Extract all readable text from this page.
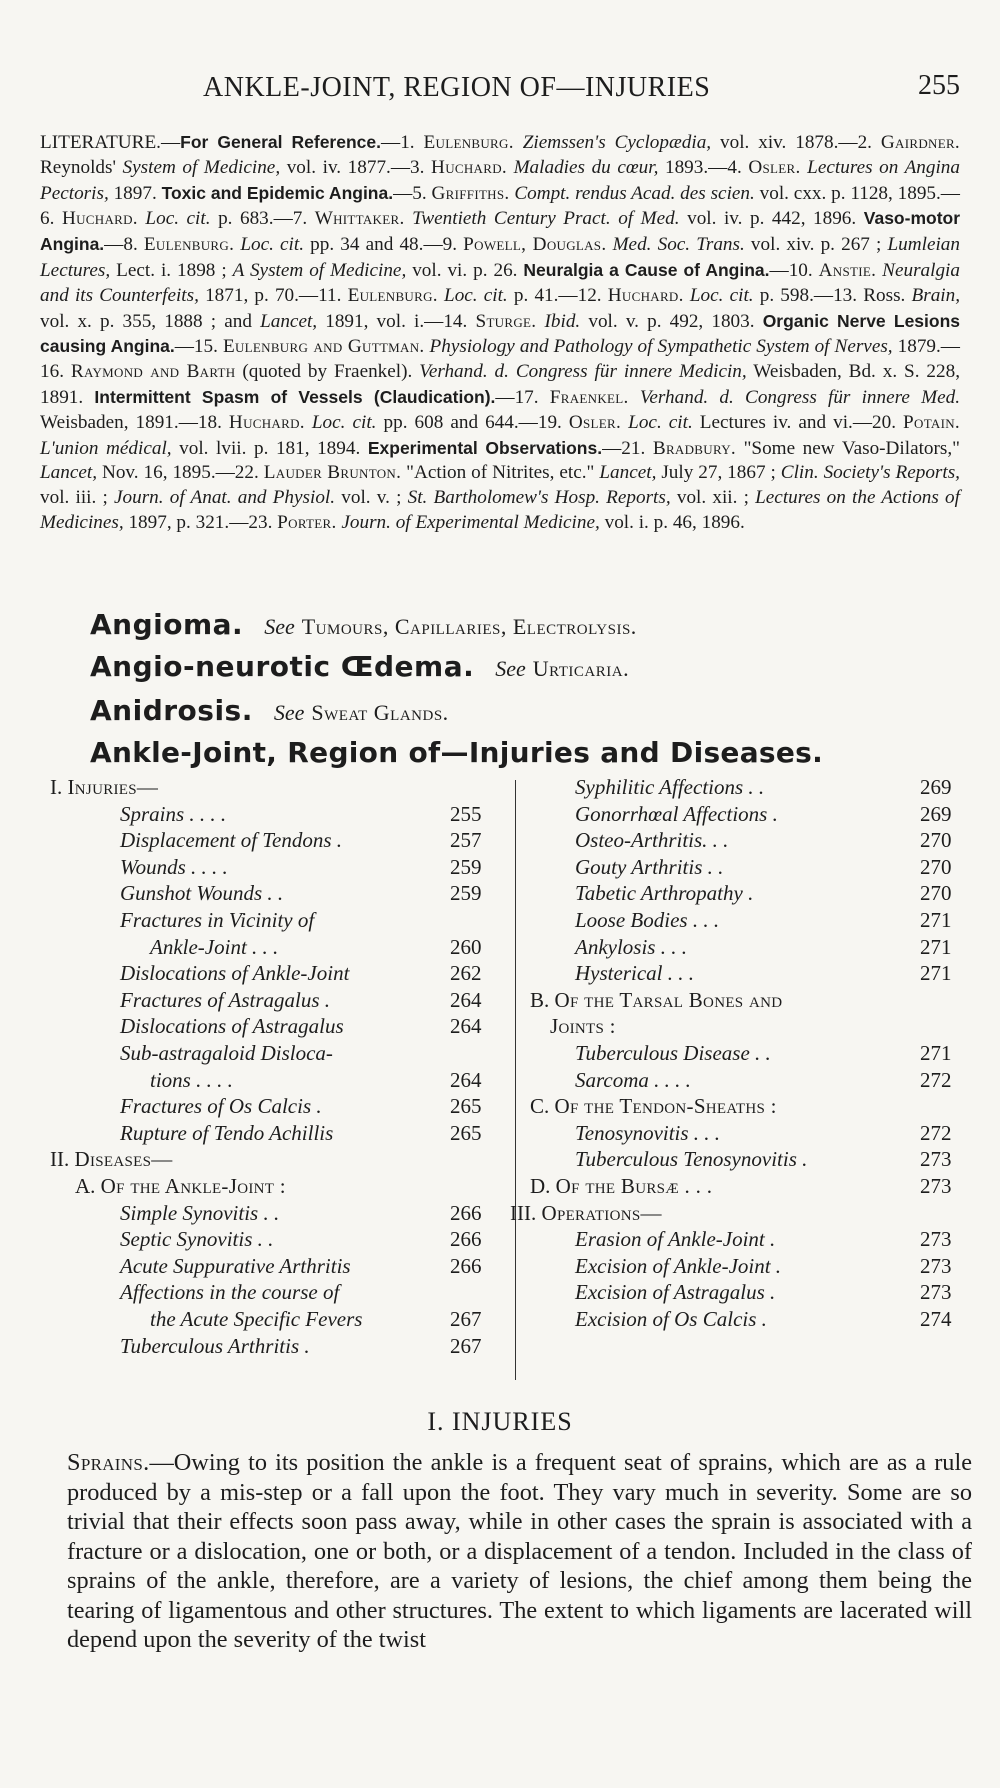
ANKLE-JOINT, REGION OF—INJURIES	255
LITERATURE.—For General Reference.—1. Eulenburg. Ziemssen's Cyclopædia, vol. xiv. 1878.—2. Gairdner. Reynolds' System of Medicine, vol. iv. 1877.—3. Huchard. Maladies du cœur, 1893.—4. Osler. Lectures on Angina Pectoris, 1897. Toxic and Epidemic Angina.—5. Griffiths. Compt. rendus Acad. des scien. vol. cxx. p. 1128, 1895.—6. Huchard. Loc. cit. p. 683.—7. Whittaker. Twentieth Century Pract. of Med. vol. iv. p. 442, 1896. Vaso-motor Angina.—8. Eulenburg. Loc. cit. pp. 34 and 48.—9. Powell, Douglas. Med. Soc. Trans. vol. xiv. p. 267 ; Lumleian Lectures, Lect. i. 1898 ; A System of Medicine, vol. vi. p. 26. Neuralgia a Cause of Angina.—10. Anstie. Neuralgia and its Counterfeits, 1871, p. 70.—11. Eulenburg. Loc. cit. p. 41.—12. Huchard. Loc. cit. p. 598.—13. Ross. Brain, vol. x. p. 355, 1888 ; and Lancet, 1891, vol. i.—14. Sturge. Ibid. vol. v. p. 492, 1803. Organic Nerve Lesions causing Angina.—15. Eulenburg and Guttman. Physiology and Pathology of Sympathetic System of Nerves, 1879.—16. Raymond and Barth (quoted by Fraenkel). Verhand. d. Congress für innere Medicin, Weisbaden, Bd. x. S. 228, 1891. Intermittent Spasm of Vessels (Claudication).—17. Fraenkel. Verhand. d. Congress für innere Med. Weisbaden, 1891.—18. Huchard. Loc. cit. pp. 608 and 644.—19. Osler. Loc. cit. Lectures iv. and vi.—20. Potain. L'union médical, vol. lvii. p. 181, 1894. Experimental Observations.—21. Bradbury. "Some new Vaso-Dilators," Lancet, Nov. 16, 1895.—22. Lauder Brunton. "Action of Nitrites, etc." Lancet, July 27, 1867 ; Clin. Society's Reports, vol. iii. ; Journ. of Anat. and Physiol. vol. v. ; St. Bartholomew's Hosp. Reports, vol. xii. ; Lectures on the Actions of Medicines, 1897, p. 321.—23. Porter. Journ. of Experimental Medicine, vol. i. p. 46, 1896.
Angioma. See Tumours, Capillaries, Electrolysis.
Angio-neurotic Œdema. See Urticaria.
Anidrosis. See Sweat Glands.
Ankle-Joint, Region of—Injuries and Diseases.
I. Injuries—
Sprains . . . .	255
Displacement of Tendons .	257
Wounds . . . .	259
Gunshot Wounds . .	259
Fractures in Vicinity of
Ankle-Joint . . .	260
Dislocations of Ankle-Joint	262
Fractures of Astragalus .	264
Dislocations of Astragalus	264
Sub-astragaloid Disloca-
tions . . . .	264
Fractures of Os Calcis .	265
Rupture of Tendo Achillis	265
II. Diseases—
A. Of the Ankle-Joint :
Simple Synovitis . .	266
Septic Synovitis . .	266
Acute Suppurative Arthritis	266
Affections in the course of
the Acute Specific Fevers	267
Tuberculous Arthritis .	267
Syphilitic Affections . .	269
Gonorrhœal Affections .	269
Osteo-Arthritis. . .	270
Gouty Arthritis . .	270
Tabetic Arthropathy .	270
Loose Bodies . . .	271
Ankylosis . . .	271
Hysterical . . .	271
B. Of the Tarsal Bones and
Joints :
Tuberculous Disease . .	271
Sarcoma . . . .	272
C. Of the Tendon-Sheaths :
Tenosynovitis . . .	272
Tuberculous Tenosynovitis .	273
D. Of the Bursæ . . .	273
III. Operations—
Erasion of Ankle-Joint .	273
Excision of Ankle-Joint .	273
Excision of Astragalus .	273
Excision of Os Calcis .	274
I. INJURIES
Sprains.—Owing to its position the ankle is a frequent seat of sprains, which are as a rule produced by a mis-step or a fall upon the foot. They vary much in severity. Some are so trivial that their effects soon pass away, while in other cases the sprain is associated with a fracture or a dislocation, one or both, or a displacement of a tendon. Included in the class of sprains of the ankle, therefore, are a variety of lesions, the chief among them being the tearing of ligamentous and other structures. The extent to which ligaments are lacerated will depend upon the severity of the twist
